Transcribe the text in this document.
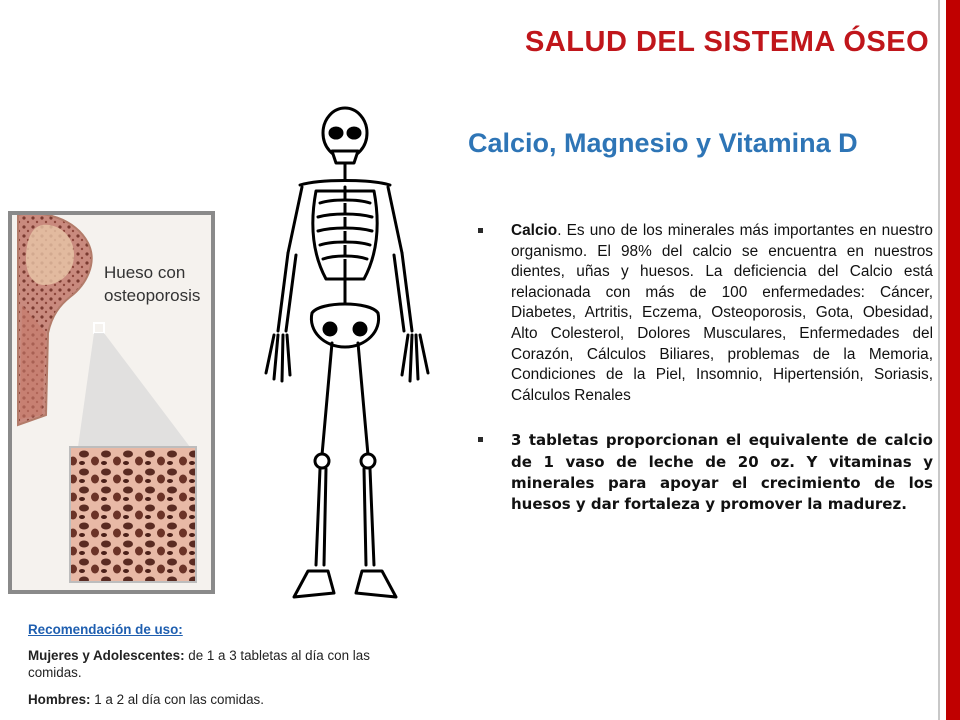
SALUD DEL SISTEMA ÓSEO
Calcio, Magnesio y Vitamina D
Hueso con
osteoporosis
Calcio. Es uno de los minerales más importantes en nuestro organismo. El 98% del calcio se encuentra en nuestros dientes, uñas y huesos. La deficiencia del Calcio está relacionada con más de 100 enfermedades: Cáncer, Diabetes, Artritis, Eczema, Osteoporosis, Gota, Obesidad, Alto Colesterol, Dolores Musculares, Enfermedades del Corazón, Cálculos Biliares, problemas de la Memoria, Condiciones de la Piel, Insomnio, Hipertensión, Soriasis, Cálculos Renales
3 tabletas proporcionan el equivalente de calcio de 1 vaso de leche de 20 oz. Y vitaminas y minerales para apoyar el crecimiento de los huesos y dar fortaleza y promover la madurez.
Recomendación de uso:

Mujeres y Adolescentes: de 1 a 3 tabletas al día con las comidas.

Hombres: 1 a 2 al día con las comidas.
